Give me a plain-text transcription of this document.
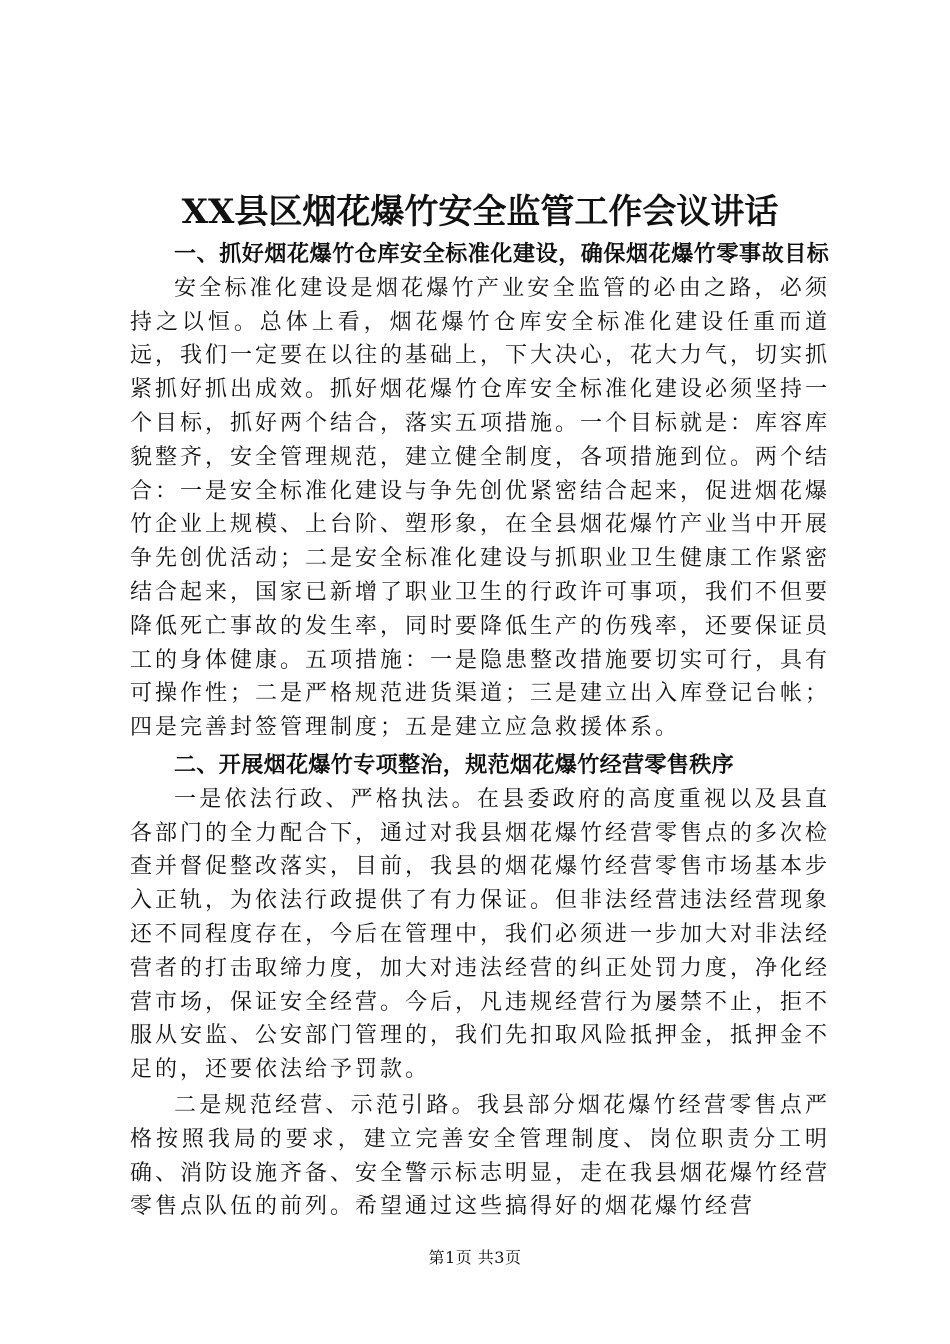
XX县区烟花爆竹安全监管工作会议讲话

一、抓好烟花爆竹仓库安全标准化建设，确保烟花爆竹零事故目标

安全标准化建设是烟花爆竹产业安全监管的必由之路，必须持之以恒。总体上看，烟花爆竹仓库安全标准化建设任重而道远，我们一定要在以往的基础上，下大决心，花大力气，切实抓紧抓好抓出成效。抓好烟花爆竹仓库安全标准化建设必须坚持一个目标，抓好两个结合，落实五项措施。一个目标就是：库容库貌整齐，安全管理规范，建立健全制度，各项措施到位。两个结合：一是安全标准化建设与争先创优紧密结合起来，促进烟花爆竹企业上规模、上台阶、塑形象，在全县烟花爆竹产业当中开展争先创优活动；二是安全标准化建设与抓职业卫生健康工作紧密结合起来，国家已新增了职业卫生的行政许可事项，我们不但要降低死亡事故的发生率，同时要降低生产的伤残率，还要保证员工的身体健康。五项措施：一是隐患整改措施要切实可行，具有可操作性；二是严格规范进货渠道；三是建立出入库登记台帐；四是完善封签管理制度；五是建立应急救援体系。

二、开展烟花爆竹专项整治，规范烟花爆竹经营零售秩序

一是依法行政、严格执法。在县委政府的高度重视以及县直各部门的全力配合下，通过对我县烟花爆竹经营零售点的多次检查并督促整改落实，目前，我县的烟花爆竹经营零售市场基本步入正轨，为依法行政提供了有力保证。但非法经营违法经营现象还不同程度存在，今后在管理中，我们必须进一步加大对非法经营者的打击取缔力度，加大对违法经营的纠正处罚力度，净化经营市场，保证安全经营。今后，凡违规经营行为屡禁不止，拒不服从安监、公安部门管理的，我们先扣取风险抵押金，抵押金不足的，还要依法给予罚款。

二是规范经营、示范引路。我县部分烟花爆竹经营零售点严格按照我局的要求，建立完善安全管理制度、岗位职责分工明确、消防设施齐备、安全警示标志明显，走在我县烟花爆竹经营零售点队伍的前列。希望通过这些搞得好的烟花爆竹经营

第1页 共3页
